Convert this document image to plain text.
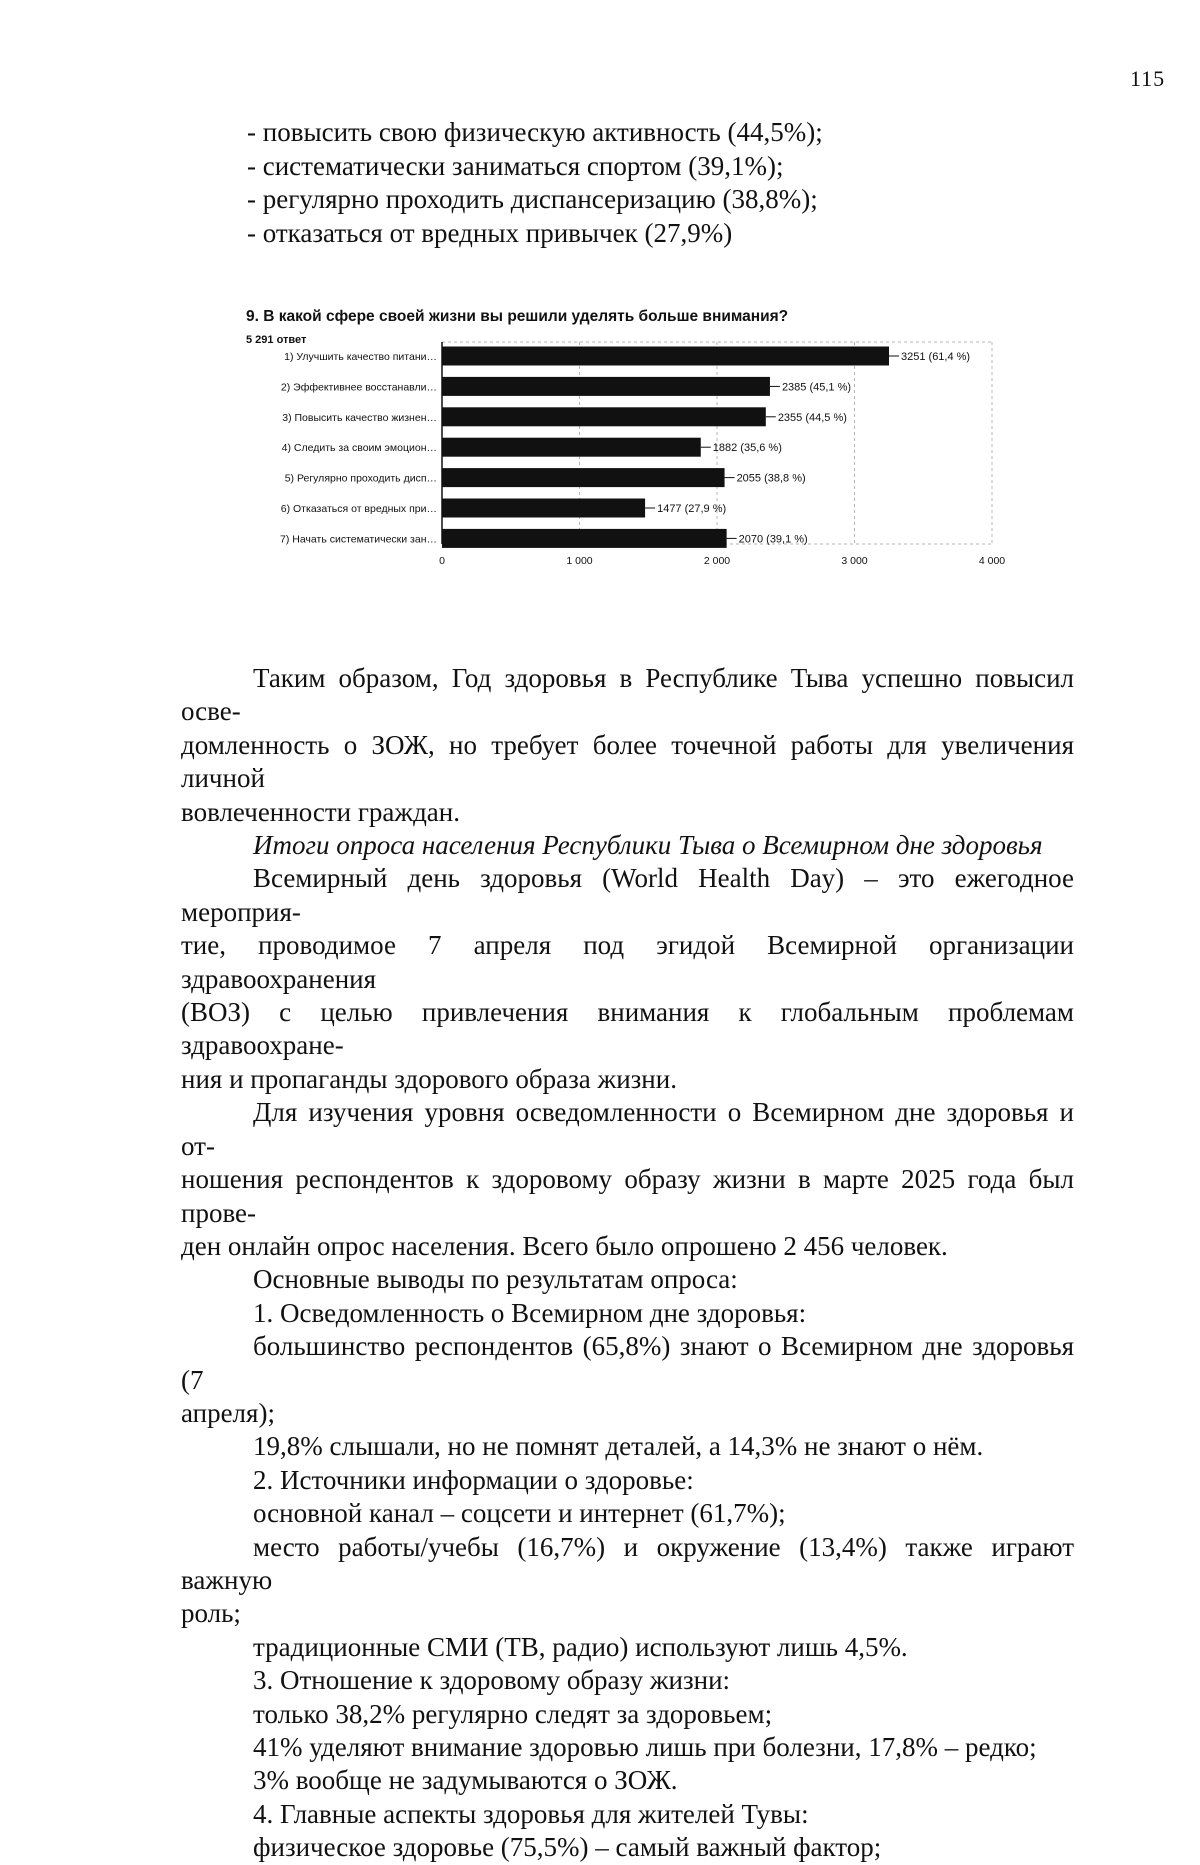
115
- повысить свою физическую активность (44,5%);
- систематически заниматься спортом (39,1%);
- регулярно проходить диспансеризацию (38,8%);
- отказаться от вредных привычек (27,9%)
1) Улучшить качество питани…	3251 (61,4 %)
2) Эффективнее восстанавли…	2385 (45,1 %)
3) Повысить качество жизнен…	2355 (44,5 %)
4) Следить за своим эмоцион…	1882 (35,6 %)
5) Регулярно проходить дисп…	2055 (38,8 %)
6) Отказаться от вредных при…	1477 (27,9 %)
7) Начать систематически зан…	2070 (39,1 %)
0	1 000	2 000	3 000	4 000

9. В какой сфере своей жизни вы решили уделять больше внимания?

5 291 ответ

Таким образом, Год здоровья в Республике Тыва успешно повысил осве-

домленность о ЗОЖ, но требует более точечной работы для увеличения личной

вовлеченности граждан.

Итоги опроса населения Республики Тыва о Всемирном дне здоровья

Всемирный день здоровья (World Health Day) – это ежегодное мероприя-

тие, проводимое 7 апреля под эгидой Всемирной организации здравоохранения

(ВОЗ) с целью привлечения внимания к глобальным проблемам здравоохране-

ния и пропаганды здорового образа жизни.

Для изучения уровня осведомленности о Всемирном дне здоровья и от-

ношения респондентов к здоровому образу жизни в марте 2025 года был прове-

ден онлайн опрос населения. Всего было опрошено 2 456 человек.

Основные выводы по результатам опроса:

1. Осведомленность о Всемирном дне здоровья:

большинство респондентов (65,8%) знают о Всемирном дне здоровья (7

апреля);

19,8% слышали, но не помнят деталей, а 14,3% не знают о нём.

2. Источники информации о здоровье:

основной канал – соцсети и интернет (61,7%);

место работы/учебы (16,7%) и окружение (13,4%) также играют важную

роль;

традиционные СМИ (ТВ, радио) используют лишь 4,5%.

3. Отношение к здоровому образу жизни:

только 38,2% регулярно следят за здоровьем;

41% уделяют внимание здоровью лишь при болезни, 17,8% – редко;

3% вообще не задумываются о ЗОЖ.

4. Главные аспекты здоровья для жителей Тувы:

физическое здоровье (75,5%) – самый важный фактор;
